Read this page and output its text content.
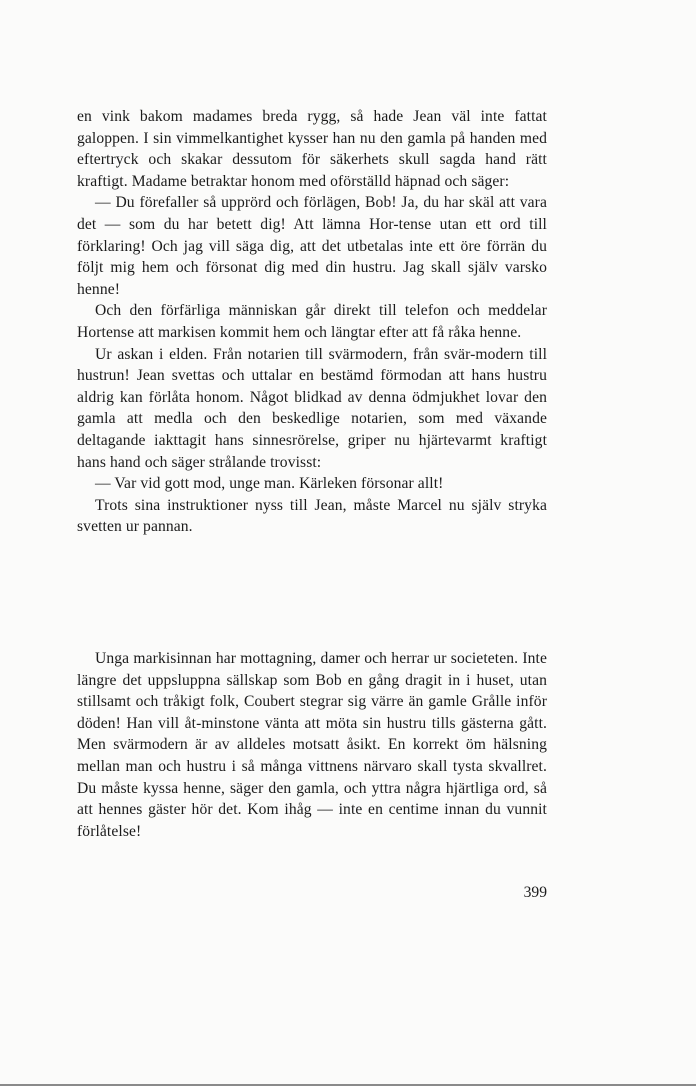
en vink bakom madames breda rygg, så hade Jean väl inte fattat galoppen. I sin vimmelkantighet kysser han nu den gamla på handen med eftertryck och skakar dessutom för säkerhets skull sagda hand rätt kraftigt. Madame betraktar honom med oförställd häpnad och säger:

— Du förefaller så upprörd och förlägen, Bob! Ja, du har skäl att vara det — som du har betett dig! Att lämna Hor-tense utan ett ord till förklaring! Och jag vill säga dig, att det utbetalas inte ett öre förrän du följt mig hem och försonat dig med din hustru. Jag skall själv varsko henne!

Och den förfärliga människan går direkt till telefon och meddelar Hortense att markisen kommit hem och längtar efter att få råka henne.

Ur askan i elden. Från notarien till svärmodern, från svär-modern till hustrun! Jean svettas och uttalar en bestämd förmodan att hans hustru aldrig kan förlåta honom. Något blidkad av denna ödmjukhet lovar den gamla att medla och den beskedlige notarien, som med växande deltagande iakttagit hans sinnesrörelse, griper nu hjärtevarmt kraftigt hans hand och säger strålande trovisst:

— Var vid gott mod, unge man. Kärleken försonar allt!

Trots sina instruktioner nyss till Jean, måste Marcel nu själv stryka svetten ur pannan.

Unga markisinnan har mottagning, damer och herrar ur societeten. Inte längre det uppsluppna sällskap som Bob en gång dragit in i huset, utan stillsamt och tråkigt folk, Coubert stegrar sig värre än gamle Grålle inför döden! Han vill åt-minstone vänta att möta sin hustru tills gästerna gått. Men svärmodern är av alldeles motsatt åsikt. En korrekt öm hälsning mellan man och hustru i så många vittnens närvaro skall tysta skvallret. Du måste kyssa henne, säger den gamla, och yttra några hjärtliga ord, så att hennes gäster hör det. Kom ihåg — inte en centime innan du vunnit förlåtelse!

399
